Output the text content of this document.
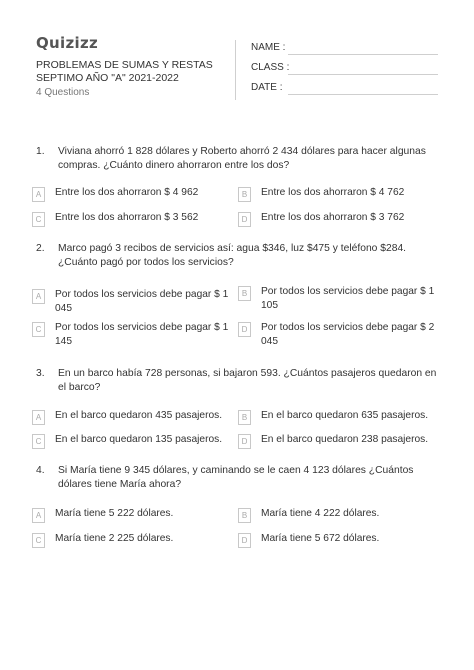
Quizizz
PROBLEMAS DE SUMAS Y RESTAS SEPTIMO AÑO "A" 2021-2022
4 Questions
NAME :
CLASS :
DATE :
1. Viviana ahorró 1 828 dólares y Roberto ahorró 2 434 dólares para hacer algunas compras. ¿Cuánto dinero ahorraron entre los dos?
A	Entre los dos ahorraron $ 4 962	B	Entre los dos ahorraron $ 4 762
C	Entre los dos ahorraron $ 3 562	D	Entre los dos ahorraron $ 3 762
2. Marco pagó 3 recibos de servicios así: agua $346, luz $475 y teléfono $284. ¿Cuánto pagó por todos los servicios?
A	Por todos los servicios debe pagar $ 1 045
B	Por todos los servicios debe pagar $ 1 105
C	Por todos los servicios debe pagar $ 1 145
D	Por todos los servicios debe pagar $ 2 045
3. En un barco había 728 personas, si bajaron 593. ¿Cuántos pasajeros quedaron en el barco?
A	En el barco quedaron 435 pasajeros.	B	En el barco quedaron 635 pasajeros.
C	En el barco quedaron 135 pasajeros.	D	En el barco quedaron 238 pasajeros.
4. Si María tiene 9 345 dólares, y caminando se le caen 4 123 dólares ¿Cuántos dólares tiene María ahora?
A	María tiene 5 222 dólares.	B	María tiene 4 222 dólares.
C	María tiene 2 225 dólares.	D	María tiene 5 672 dólares.
